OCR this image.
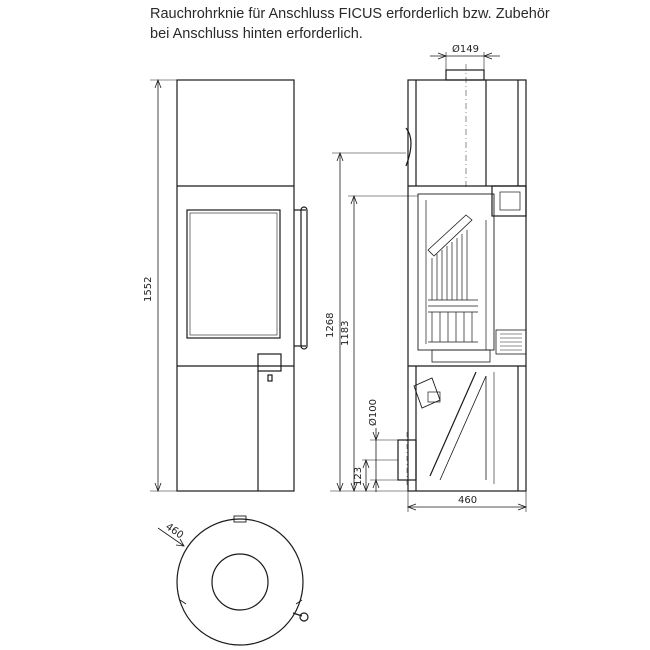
Rauchrohrknie für Anschluss FICUS erforderlich bzw. Zubehör
bei Anschluss hinten erforderlich.
1552
Ø149
1268 1183
Ø100
123
460
460
